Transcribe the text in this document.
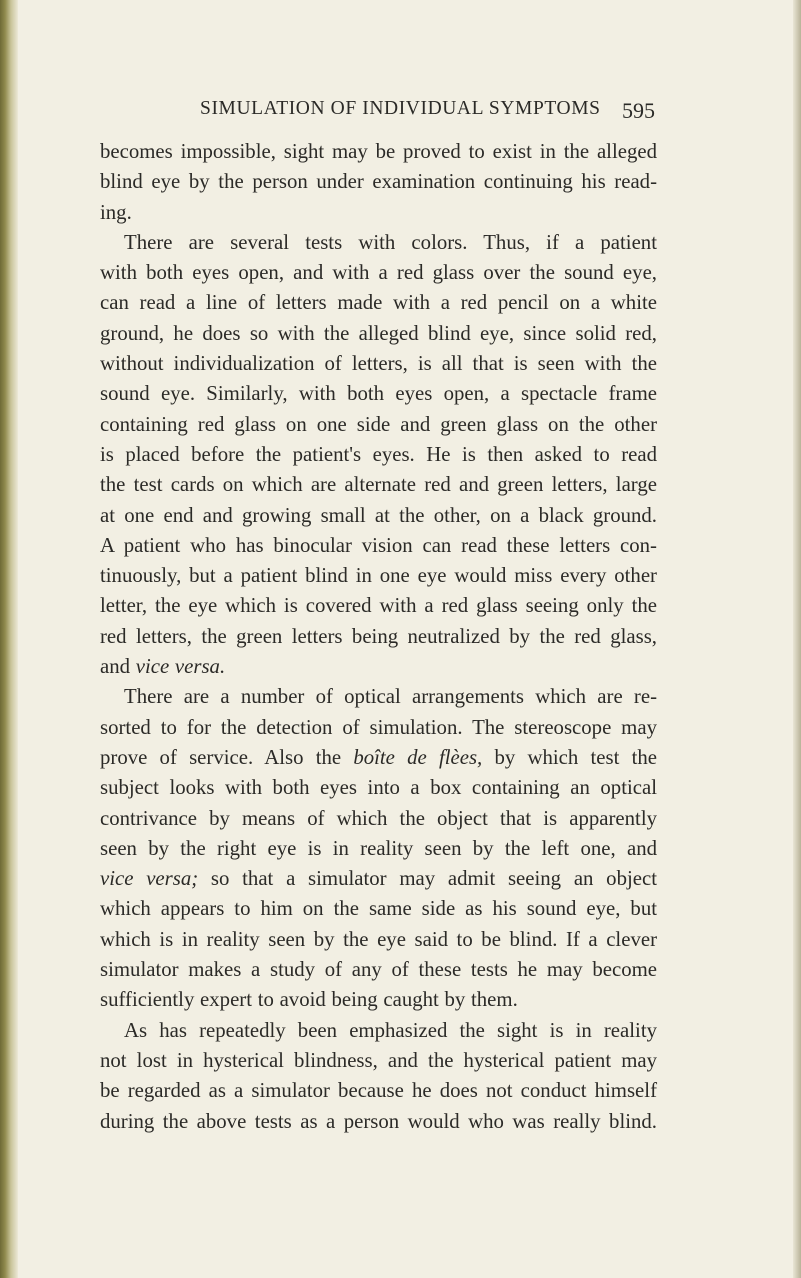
SIMULATION OF INDIVIDUAL SYMPTOMS 595
becomes impossible, sight may be proved to exist in the alleged
blind eye by the person under examination continuing his read-
ing.
There are several tests with colors. Thus, if a patient
with both eyes open, and with a red glass over the sound eye,
can read a line of letters made with a red pencil on a white
ground, he does so with the alleged blind eye, since solid red,
without individualization of letters, is all that is seen with the
sound eye. Similarly, with both eyes open, a spectacle frame
containing red glass on one side and green glass on the other
is placed before the patient's eyes. He is then asked to read
the test cards on which are alternate red and green letters, large
at one end and growing small at the other, on a black ground.
A patient who has binocular vision can read these letters con-
tinuously, but a patient blind in one eye would miss every other
letter, the eye which is covered with a red glass seeing only the
red letters, the green letters being neutralized by the red glass,
and vice versa.
There are a number of optical arrangements which are re-
sorted to for the detection of simulation. The stereoscope may
prove of service. Also the boîte de flèes, by which test the
subject looks with both eyes into a box containing an optical
contrivance by means of which the object that is apparently
seen by the right eye is in reality seen by the left one, and
vice versa; so that a simulator may admit seeing an object
which appears to him on the same side as his sound eye, but
which is in reality seen by the eye said to be blind. If a clever
simulator makes a study of any of these tests he may become
sufficiently expert to avoid being caught by them.
As has repeatedly been emphasized the sight is in reality
not lost in hysterical blindness, and the hysterical patient may
be regarded as a simulator because he does not conduct himself
during the above tests as a person would who was really blind.
